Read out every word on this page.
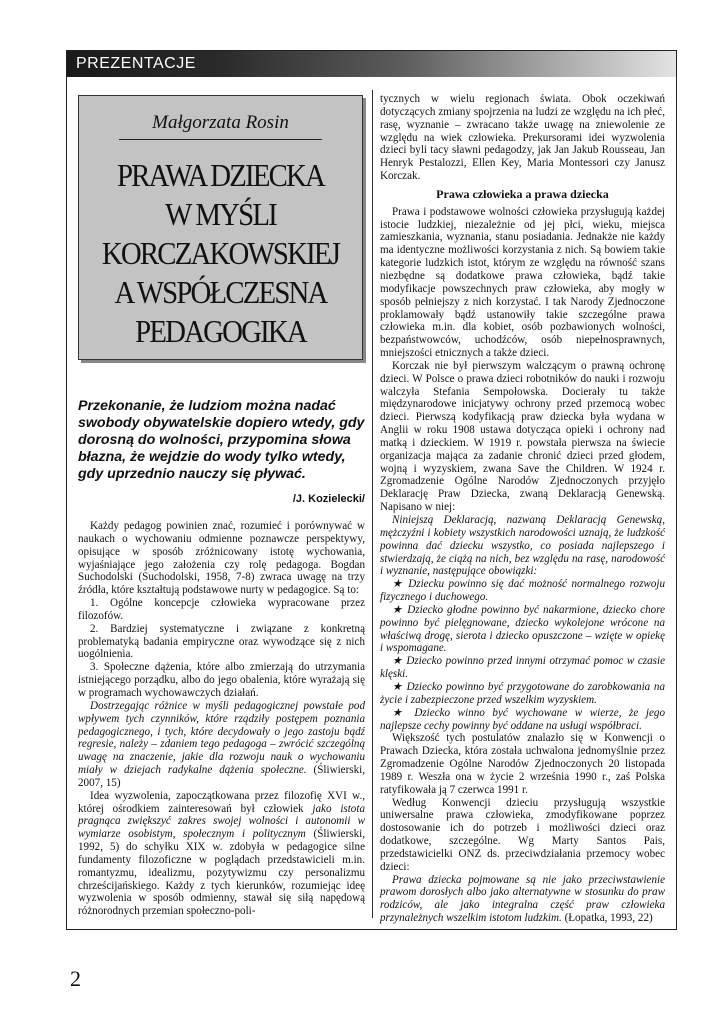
PREZENTACJE
Małgorzata Rosin
PRAWA DZIECKA
W MYŚLI
KORCZAKOWSKIEJ
A WSPÓŁCZESNA
PEDAGOGIKA
Przekonanie, że ludziom można nadać swobody obywatelskie dopiero wtedy, gdy dorosną do wolności, przypomina słowa błazna, że wejdzie do wody tylko wtedy, gdy uprzednio nauczy się pływać.
/J. Kozielecki/

Każdy pedagog powinien znać, rozumieć i porównywać w naukach o wychowaniu odmienne poznawcze perspektywy, opisujące w sposób zróżnicowany istotę wychowania, wyjaśniające jego założenia czy rolę pedagoga. Bogdan Suchodolski (Suchodolski, 1958, 7-8) zwraca uwagę na trzy źródła, które kształtują podstawowe nurty w pedagogice. Są to:

1. Ogólne koncepcje człowieka wypracowane przez filozofów.

2. Bardziej systematyczne i związane z konkretną problematyką badania empiryczne oraz wywodzące się z nich uogólnienia.

3. Społeczne dążenia, które albo zmierzają do utrzymania istniejącego porządku, albo do jego obalenia, które wyrażają się w programach wychowawczych działań.

Dostrzegając różnice w myśli pedagogicznej powstałe pod wpływem tych czynników, które rządziły postępem poznania pedagogicznego, i tych, które decydowały o jego zastoju bądź regresie, należy – zdaniem tego pedagoga – zwrócić szczególną uwagę na znaczenie, jakie dla rozwoju nauk o wychowaniu miały w dziejach radykalne dążenia społeczne. (Śliwierski, 2007, 15)

Idea wyzwolenia, zapoczątkowana przez filozofię XVI w., której ośrodkiem zainteresowań był człowiek jako istota pragnąca zwiększyć zakres swojej wolności i autonomii w wymiarze osobistym, społecznym i politycznym (Śliwierski, 1992, 5) do schyłku XIX w. zdobyła w pedagogice silne fundamenty filozoficzne w poglądach przedstawicieli m.in. romantyzmu, idealizmu, pozytywizmu czy personalizmu chrześcijańskiego. Każdy z tych kierunków, rozumiejąc ideę wyzwolenia w sposób odmienny, stawał się siłą napędową różnorodnych przemian społeczno-poli-

tycznych w wielu regionach świata. Obok oczekiwań dotyczących zmiany spojrzenia na ludzi ze względu na ich płeć, rasę, wyznanie – zwracano także uwagę na zniewolenie ze względu na wiek człowieka. Prekursorami idei wyzwolenia dzieci byli tacy sławni pedagodzy, jak Jan Jakub Rousseau, Jan Henryk Pestalozzi, Ellen Key, Maria Montessori czy Janusz Korczak.

Prawa człowieka a prawa dziecka

Prawa i podstawowe wolności człowieka przysługują każdej istocie ludzkiej, niezależnie od jej płci, wieku, miejsca zamieszkania, wyznania, stanu posiadania. Jednakże nie każdy ma identyczne możliwości korzystania z nich. Są bowiem takie kategorie ludzkich istot, którym ze względu na równość szans niezbędne są dodatkowe prawa człowieka, bądź takie modyfikacje powszechnych praw człowieka, aby mogły w sposób pełniejszy z nich korzystać. I tak Narody Zjednoczone proklamowały bądź ustanowiły takie szczególne prawa człowieka m.in. dla kobiet, osób pozbawionych wolności, bezpaństwowców, uchodźców, osób niepełnosprawnych, mniejszości etnicznych a także dzieci.

Korczak nie był pierwszym walczącym o prawną ochronę dzieci. W Polsce o prawa dzieci robotników do nauki i rozwoju walczyła Stefania Sempołowska. Docierały tu także międzynarodowe inicjatywy ochrony przed przemocą wobec dzieci. Pierwszą kodyfikacją praw dziecka była wydana w Anglii w roku 1908 ustawa dotycząca opieki i ochrony nad matką i dzieckiem. W 1919 r. powstała pierwsza na świecie organizacja mająca za zadanie chronić dzieci przed głodem, wojną i wyzyskiem, zwana Save the Children. W 1924 r. Zgromadzenie Ogólne Narodów Zjednoczonych przyjęło Deklarację Praw Dziecka, zwaną Deklaracją Genewską. Napisano w niej:

Niniejszą Deklaracją, nazwaną Deklaracją Genewską, mężczyźni i kobiety wszystkich narodowości uznają, że ludzkość powinna dać dziecku wszystko, co posiada najlepszego i stwierdzają, że ciążą na nich, bez względu na rasę, narodowość i wyznanie, następujące obowiązki:

★ Dziecku powinno się dać możność normalnego rozwoju fizycznego i duchowego.

★ Dziecko głodne powinno być nakarmione, dziecko chore powinno być pielęgnowane, dziecko wykolejone wrócone na właściwą drogę, sierota i dziecko opuszczone – wzięte w opiekę i wspomagane.

★ Dziecko powinno przed innymi otrzymać pomoc w czasie klęski.

★ Dziecko powinno być przygotowane do zarobkowania na życie i zabezpieczone przed wszelkim wyzyskiem.

★ Dziecko winno być wychowane w wierze, że jego najlepsze cechy powinny być oddane na usługi współbraci.

Większość tych postulatów znalazło się w Konwencji o Prawach Dziecka, która została uchwalona jednomyślnie przez Zgromadzenie Ogólne Narodów Zjednoczonych 20 listopada 1989 r. Weszła ona w życie 2 września 1990 r., zaś Polska ratyfikowała ją 7 czerwca 1991 r.

Według Konwencji dzieciu przysługują wszystkie uniwersalne prawa człowieka, zmodyfikowane poprzez dostosowanie ich do potrzeb i możliwości dzieci oraz dodatkowe, szczególne. Wg Marty Santos Pais, przedstawicielki ONZ ds. przeciwdziałania przemocy wobec dzieci:

Prawa dziecka pojmowane są nie jako przeciwstawienie prawom dorosłych albo jako alternatywne w stosunku do praw rodziców, ale jako integralna część praw człowieka przynależnych wszelkim istotom ludzkim. (Łopatka, 1993, 22)

2
